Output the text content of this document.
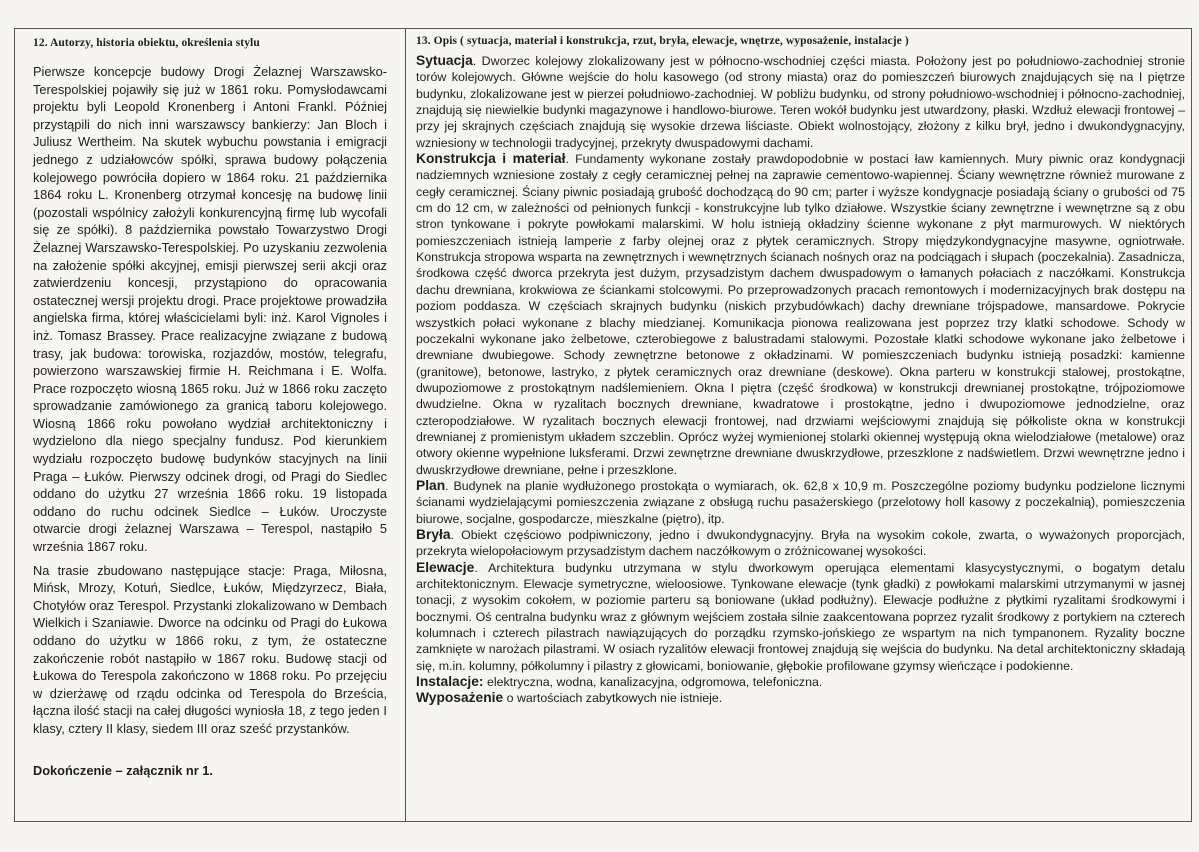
12. Autorzy, historia obiektu, określenia stylu

Pierwsze koncepcje budowy Drogi Żelaznej Warszawsko-Terespolskiej pojawiły się już w 1861 roku. Pomysłodawcami projektu byli Leopold Kronenberg i Antoni Frankl. Później przystąpili do nich inni warszawscy bankierzy: Jan Bloch i Juliusz Wertheim. Na skutek wybuchu powstania i emigracji jednego z udziałowców spółki, sprawa budowy połączenia kolejowego powróciła dopiero w 1864 roku. 21 października 1864 roku L. Kronenberg otrzymał koncesję na budowę linii (pozostali wspólnicy założyli konkurencyjną firmę lub wycofali się ze spółki). 8 października powstało Towarzystwo Drogi Żelaznej Warszawsko-Terespolskiej. Po uzyskaniu zezwolenia na założenie spółki akcyjnej, emisji pierwszej serii akcji oraz zatwierdzeniu koncesji, przystąpiono do opracowania ostatecznej wersji projektu drogi. Prace projektowe prowadziła angielska firma, której właścicielami byli: inż. Karol Vignoles i inż. Tomasz Brassey. Prace realizacyjne związane z budową trasy, jak budowa: torowiska, rozjazdów, mostów, telegrafu, powierzono warszawskiej firmie H. Reichmana i E. Wolfa. Prace rozpoczęto wiosną 1865 roku. Już w 1866 roku zaczęto sprowadzanie zamówionego za granicą taboru kolejowego. Wiosną 1866 roku powołano wydział architektoniczny i wydzielono dla niego specjalny fundusz. Pod kierunkiem wydziału rozpoczęto budowę budynków stacyjnych na linii Praga – Łuków. Pierwszy odcinek drogi, od Pragi do Siedlec oddano do użytku 27 września 1866 roku. 19 listopada oddano do ruchu odcinek Siedlce – Łuków. Uroczyste otwarcie drogi żelaznej Warszawa – Terespol, nastąpiło 5 września 1867 roku.

Na trasie zbudowano następujące stacje: Praga, Miłosna, Mińsk, Mrozy, Kotuń, Siedlce, Łuków, Międzyrzecz, Biała, Chotyłów oraz Terespol. Przystanki zlokalizowano w Dembach Wielkich i Szaniawie. Dworce na odcinku od Pragi do Łukowa oddano do użytku w 1866 roku, z tym, że ostateczne zakończenie robót nastąpiło w 1867 roku. Budowę stacji od Łukowa do Terespola zakończono w 1868 roku. Po przejęciu w dzierżawę od rządu odcinka od Terespola do Brześcia, łączna ilość stacji na całej długości wyniosła 18, z tego jeden I klasy, cztery II klasy, siedem III oraz sześć przystanków.

Dokończenie – załącznik nr 1.

13. Opis ( sytuacja, materiał i konstrukcja, rzut, bryła, elewacje, wnętrze, wyposażenie, instalacje )

Sytuacja. Dworzec kolejowy zlokalizowany jest w północno-wschodniej części miasta. Położony jest po południowo-zachodniej stronie torów kolejowych. Główne wejście do holu kasowego (od strony miasta) oraz do pomieszczeń biurowych znajdujących się na I piętrze budynku, zlokalizowane jest w pierzei południowo-zachodniej. W pobliżu budynku, od strony południowo-wschodniej i północno-zachodniej, znajdują się niewielkie budynki magazynowe i handlowo-biurowe. Teren wokół budynku jest utwardzony, płaski. Wzdłuż elewacji frontowej – przy jej skrajnych częściach znajdują się wysokie drzewa liściaste. Obiekt wolnostojący, złożony z kilku brył, jedno i dwukondygnacyjny, wzniesiony w technologii tradycyjnej, przekryty dwuspadowymi dachami.

Konstrukcja i materiał. Fundamenty wykonane zostały prawdopodobnie w postaci ław kamiennych. Mury piwnic oraz kondygnacji nadziemnych wzniesione zostały z cegły ceramicznej pełnej na zaprawie cementowo-wapiennej. Ściany wewnętrzne również murowane z cegły ceramicznej. Ściany piwnic posiadają grubość dochodzącą do 90 cm; parter i wyższe kondygnacje posiadają ściany o grubości od 75 cm do 12 cm, w zależności od pełnionych funkcji - konstrukcyjne lub tylko działowe. Wszystkie ściany zewnętrzne i wewnętrzne są z obu stron tynkowane i pokryte powłokami malarskimi. W holu istnieją okładziny ścienne wykonane z płyt marmurowych. W niektórych pomieszczeniach istnieją lamperie z farby olejnej oraz z płytek ceramicznych. Stropy międzykondygnacyjne masywne, ogniotrwałe. Konstrukcja stropowa wsparta na zewnętrznych i wewnętrznych ścianach nośnych oraz na podciągach i słupach (poczekalnia). Zasadnicza, środkowa część dworca przekryta jest dużym, przysadzistym dachem dwuspadowym o łamanych połaciach z naczółkami. Konstrukcja dachu drewniana, krokwiowa ze ściankami stolcowymi. Po przeprowadzonych pracach remontowych i modernizacyjnych brak dostępu na poziom poddasza. W częściach skrajnych budynku (niskich przybudówkach) dachy drewniane trójspadowe, mansardowe. Pokrycie wszystkich połaci wykonane z blachy miedzianej. Komunikacja pionowa realizowana jest poprzez trzy klatki schodowe. Schody w poczekalni wykonane jako żelbetowe, czterobiegowe z balustradami stalowymi. Pozostałe klatki schodowe wykonane jako żelbetowe i drewniane dwubiegowe. Schody zewnętrzne betonowe z okładzinami. W pomieszczeniach budynku istnieją posadzki: kamienne (granitowe), betonowe, lastryko, z płytek ceramicznych oraz drewniane (deskowe). Okna parteru w konstrukcji stalowej, prostokątne, dwupoziomowe z prostokątnym nadślemieniem. Okna I piętra (część środkowa) w konstrukcji drewnianej prostokątne, trójpoziomowe dwudzielne. Okna w ryzalitach bocznych drewniane, kwadratowe i prostokątne, jedno i dwupoziomowe jednodzielne, oraz czteropodziałowe. W ryzalitach bocznych elewacji frontowej, nad drzwiami wejściowymi znajdują się półkoliste okna w konstrukcji drewnianej z promienistym układem szczeblin. Oprócz wyżej wymienionej stolarki okiennej występują okna wielodziałowe (metalowe) oraz otwory okienne wypełnione luksferami. Drzwi zewnętrzne drewniane dwuskrzydłowe, przeszklone z nadświetlem. Drzwi wewnętrzne jedno i dwuskrzydłowe drewniane, pełne i przeszklone.

Plan. Budynek na planie wydłużonego prostokąta o wymiarach, ok. 62,8 x 10,9 m. Poszczególne poziomy budynku podzielone licznymi ścianami wydzielającymi pomieszczenia związane z obsługą ruchu pasażerskiego (przelotowy holl kasowy z poczekalnią), pomieszczenia biurowe, socjalne, gospodarcze, mieszkalne (piętro), itp.

Bryła. Obiekt częściowo podpiwniczony, jedno i dwukondygnacyjny. Bryła na wysokim cokole, zwarta, o wyważonych proporcjach, przekryta wielopołaciowym przysadzistym dachem naczółkowym o zróżnicowanej wysokości.

Elewacje. Architektura budynku utrzymana w stylu dworkowym operująca elementami klasycystycznymi, o bogatym detalu architektonicznym. Elewacje symetryczne, wieloosiowe. Tynkowane elewacje (tynk gładki) z powłokami malarskimi utrzymanymi w jasnej tonacji, z wysokim cokołem, w poziomie parteru są boniowane (układ podłużny). Elewacje podłużne z płytkimi ryzalitami środkowymi i bocznymi. Oś centralna budynku wraz z głównym wejściem została silnie zaakcentowana poprzez ryzalit środkowy z portykiem na czterech kolumnach i czterech pilastrach nawiązujących do porządku rzymsko-jońskiego ze wspartym na nich tympanonem. Ryzality boczne zamknięte w narożach pilastrami. W osiach ryzalitów elewacji frontowej znajdują się wejścia do budynku. Na detal architektoniczny składają się, m.in. kolumny, półkolumny i pilastry z głowicami, boniowanie, głębokie profilowane gzymsy wieńczące i podokienne.

Instalacje: elektryczna, wodna, kanalizacyjna, odgromowa, telefoniczna.

Wyposażenie o wartościach zabytkowych nie istnieje.
